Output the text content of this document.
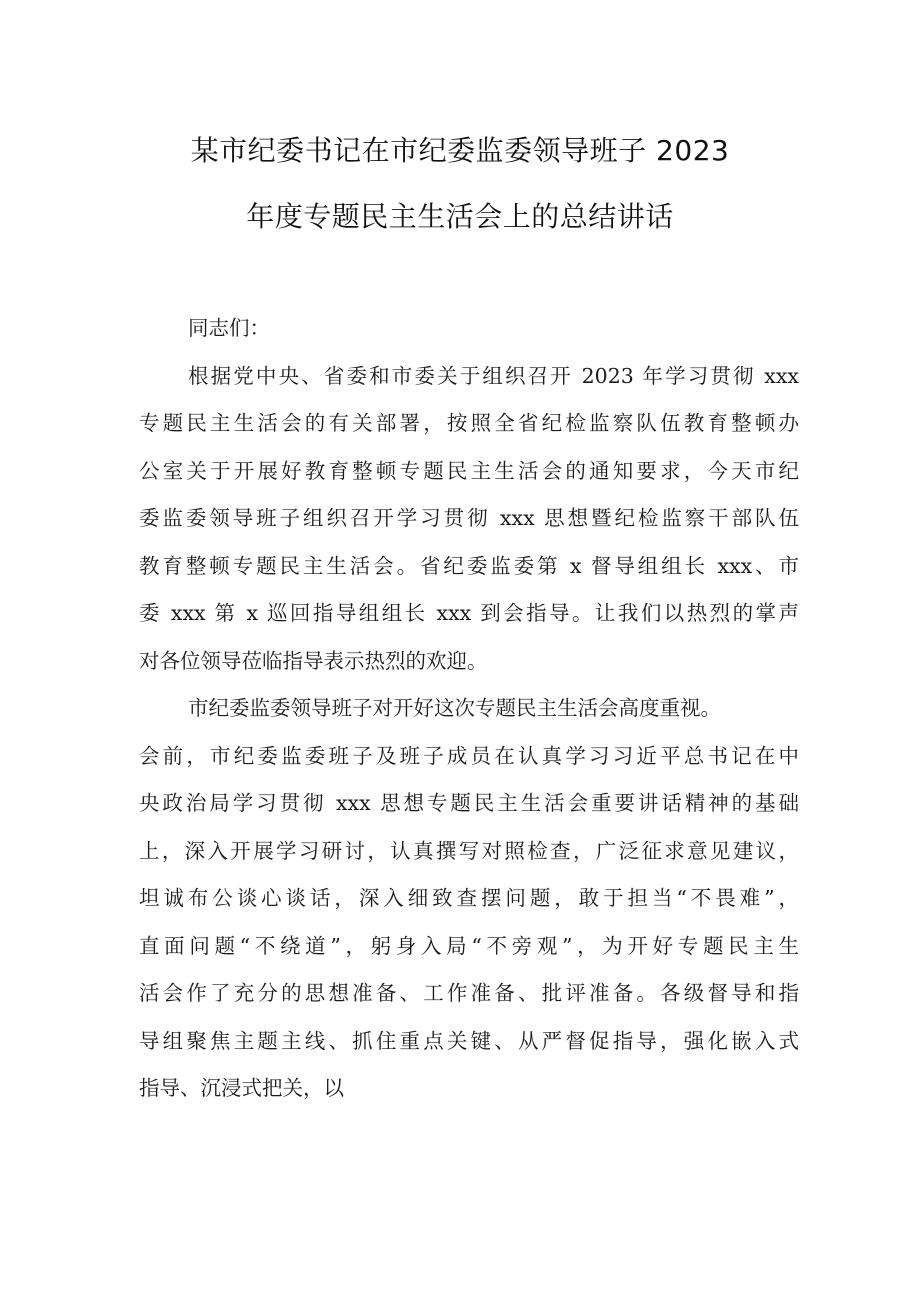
某市纪委书记在市纪委监委领导班子 2023
年度专题民主生活会上的总结讲话

同志们：

根据党中央、省委和市委关于组织召开 2023 年学习贯彻 xxx
专题民主生活会的有关部署，按照全省纪检监察队伍教育整顿办
公室关于开展好教育整顿专题民主生活会的通知要求，今天市纪
委监委领导班子组织召开学习贯彻 xxx 思想暨纪检监察干部队伍
教育整顿专题民主生活会。省纪委监委第 x 督导组组长 xxx、市
委 xxx 第 x 巡回指导组组长 xxx 到会指导。让我们以热烈的掌声
对各位领导莅临指导表示热烈的欢迎。

市纪委监委领导班子对开好这次专题民主生活会高度重视。
会前，市纪委监委班子及班子成员在认真学习习近平总书记在中
央政治局学习贯彻 xxx 思想专题民主生活会重要讲话精神的基础
上，深入开展学习研讨，认真撰写对照检查，广泛征求意见建议，
坦诚布公谈心谈话，深入细致查摆问题，敢于担当“不畏难”，
直面问题“不绕道”，躬身入局“不旁观”，为开好专题民主生
活会作了充分的思想准备、工作准备、批评准备。各级督导和指
导组聚焦主题主线、抓住重点关键、从严督促指导，强化嵌入式
指导、沉浸式把关，以
